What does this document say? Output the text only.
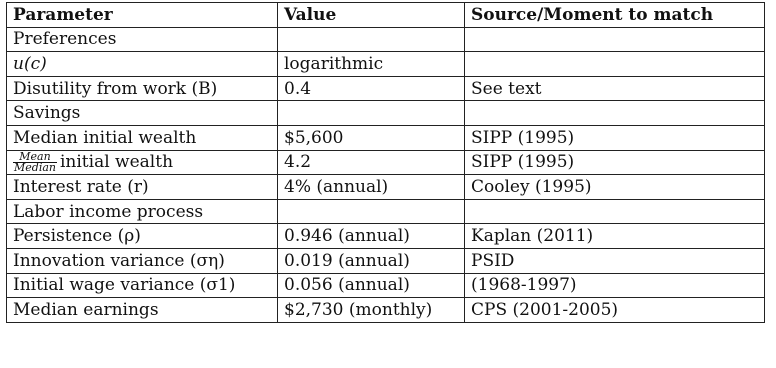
Parameter	Value	Source/Moment to match
Preferences		
u(c)	logarithmic	
Disutility from work (B)	0.4	See text
Savings		
Median initial wealth	$5,600	SIPP (1995)

$\frac{\text{Mean}}{\text{Median}}$ initial wealth	4.2	SIPP (1995)
Interest rate (r)	4% (annual)	Cooley (1995)
Labor income process		
Persistence (ρ)	0.946 (annual)	Kaplan (2011)
Innovation variance (ση)	0.019 (annual)	PSID
Initial wage variance (σ1)	0.056 (annual)	(1968-1997)
Median earnings	$2,730 (monthly)	CPS (2001-2005)
